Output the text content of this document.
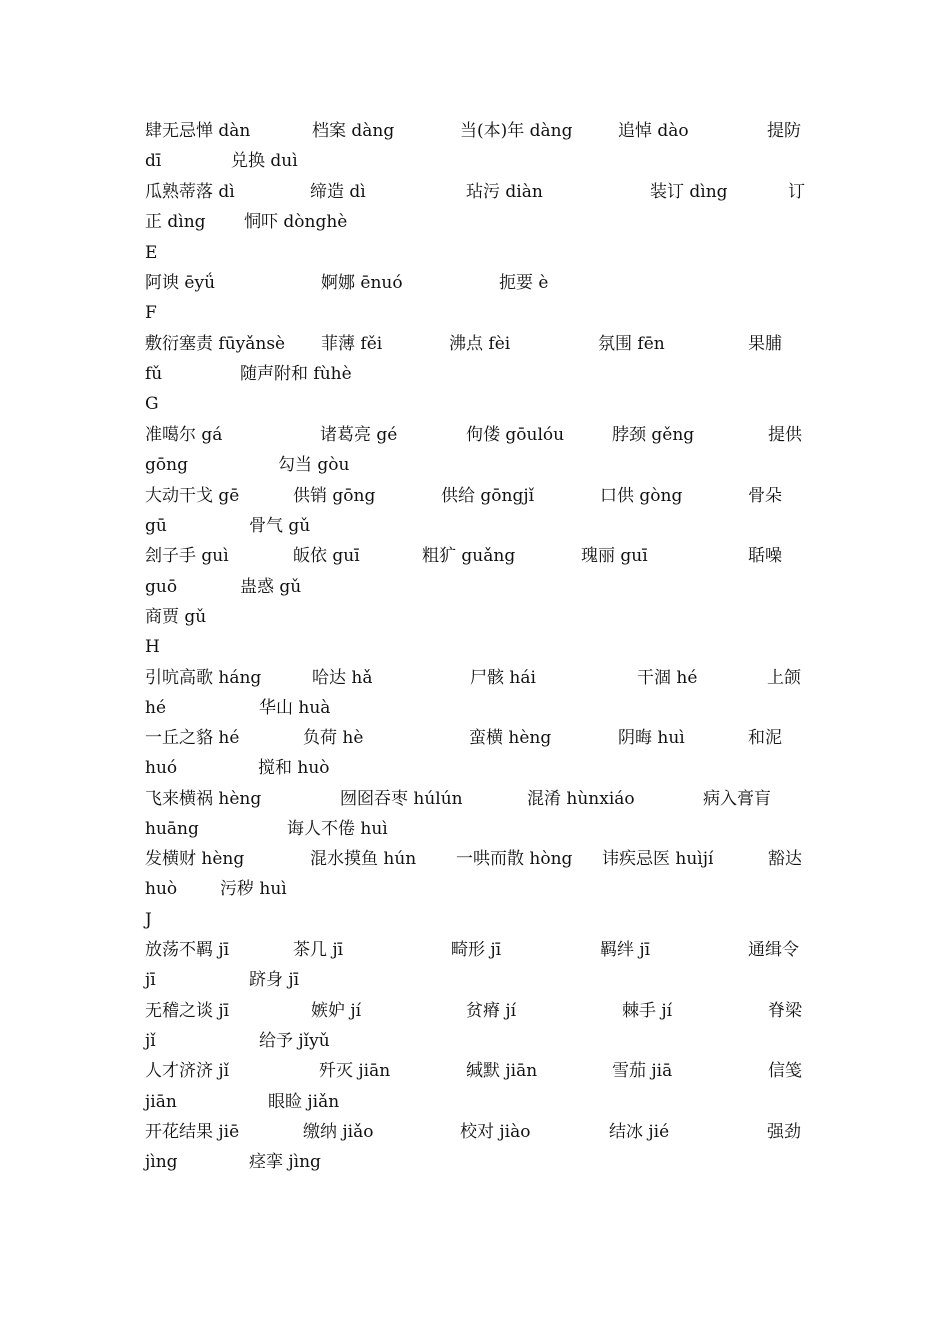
肆无忌惮 dàn	档案 dàng	当(本)年 dàng	追悼 dào	提防
dī	兑换 duì
瓜熟蒂落 dì	缔造 dì	玷污 diàn	装订 dìng	订
正 dìng 恫吓 dònghè
E
阿谀 ēyǘ	婀娜 ēnuó	扼要 è
F
敷衍塞责 fūyǎnsè 菲薄 fěi	沸点 fèi	氛围 fēn	果脯
fǔ	随声附和 fùhè
G
准噶尔 gá	诸葛亮 gé	佝偻 gōulóu	脖颈 gěng	提供
gōng	勾当 gòu
大动干戈 gē	供销 gōng	供给 gōngjǐ	口供 gòng	骨朵
gū	骨气 gǔ
刽子手 guì	皈依 guī	粗犷 guǎng	瑰丽 guī	聒噪
guō	蛊惑 gǔ
商贾 gǔ
H
引吭高歌 háng	哈达 hǎ	尸骸 hái	干涸 hé	上颌
hé	华山 huà
一丘之貉 hé	负荷 hè	蛮横 hèng	阴晦 huì	和泥
huó	搅和 huò
飞来横祸 hèng	囫囵吞枣 húlún	混淆 hùnxiáo	病入膏肓
huāng	诲人不倦 huì
发横财 hèng	混水摸鱼 hún 一哄而散 hòng 讳疾忌医 huìjí	豁达
huò	污秽 huì
J
放荡不羁 jī	茶几 jī	畸形 jī	羁绊 jī	通缉令
jī	跻身 jī
无稽之谈 jī	嫉妒 jí	贫瘠 jí	棘手 jí	脊梁
jǐ	给予 jǐyǔ
人才济济 jǐ	歼灭 jiān	缄默 jiān	雪茄 jiā	信笺
jiān	眼睑 jiǎn
开花结果 jiē	缴纳 jiǎo	校对 jiào	结冰 jié	强劲
jìng	痉挛 jìng
